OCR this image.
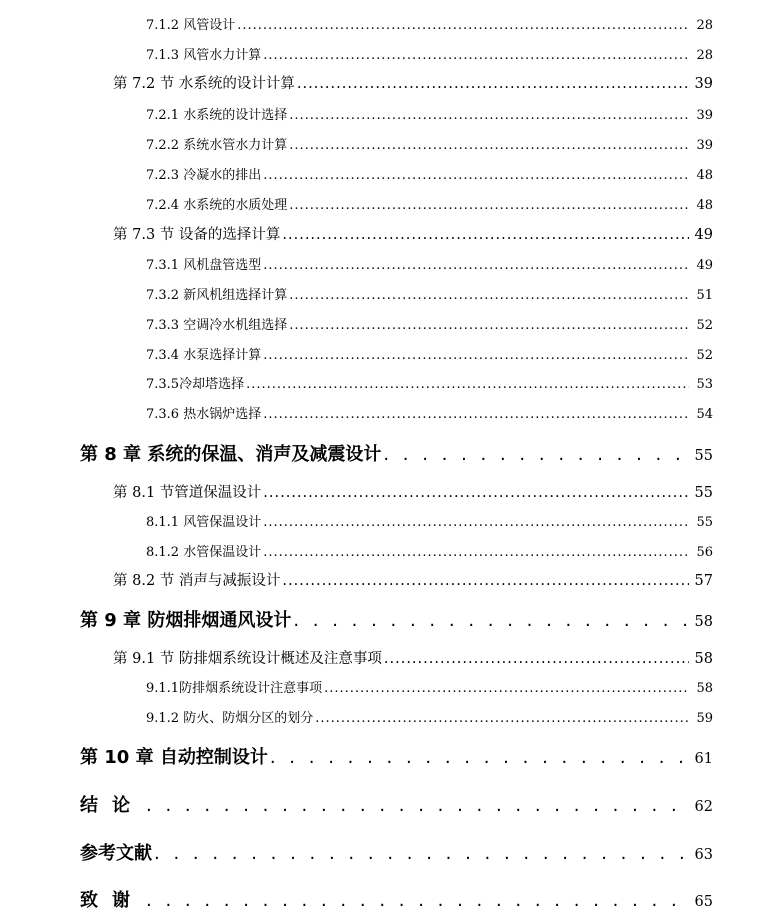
7.1.2 风管设计 .....	28
7.1.3 风管水力计算 .....	28
第 7.2 节 水系统的设计计算 .....	39
7.2.1 水系统的设计选择 .....	39
7.2.2 系统水管水力计算 .....	39
7.2.3 冷凝水的排出 .....	48
7.2.4 水系统的水质处理 .....	48
第 7.3 节 设备的选择计算 .....	49
7.3.1 风机盘管选型 .....	49
7.3.2 新风机组选择计算 .....	51
7.3.3 空调冷水机组选择 .....	52
7.3.4 水泵选择计算 .....	52
7.3.5冷却塔选择 .....	53
7.3.6 热水锅炉选择 .....	54
第 8 章 系统的保温、消声及减震设计 . . .	55
第 8.1 节管道保温设计 .....	55
8.1.1 风管保温设计 .....	55
8.1.2 水管保温设计 .....	56
第 8.2 节 消声与减振设计 .....	57
第 9 章 防烟排烟通风设计 . . .	58
第 9.1 节 防排烟系统设计概述及注意事项 .....	58
9.1.1防排烟系统设计注意事项 .....	58
9.1.2 防火、防烟分区的划分 .....	59
第 10 章 自动控制设计 . . .	61
结论 . . .	62
参考文献 . . .	63
致谢 . . .	65
